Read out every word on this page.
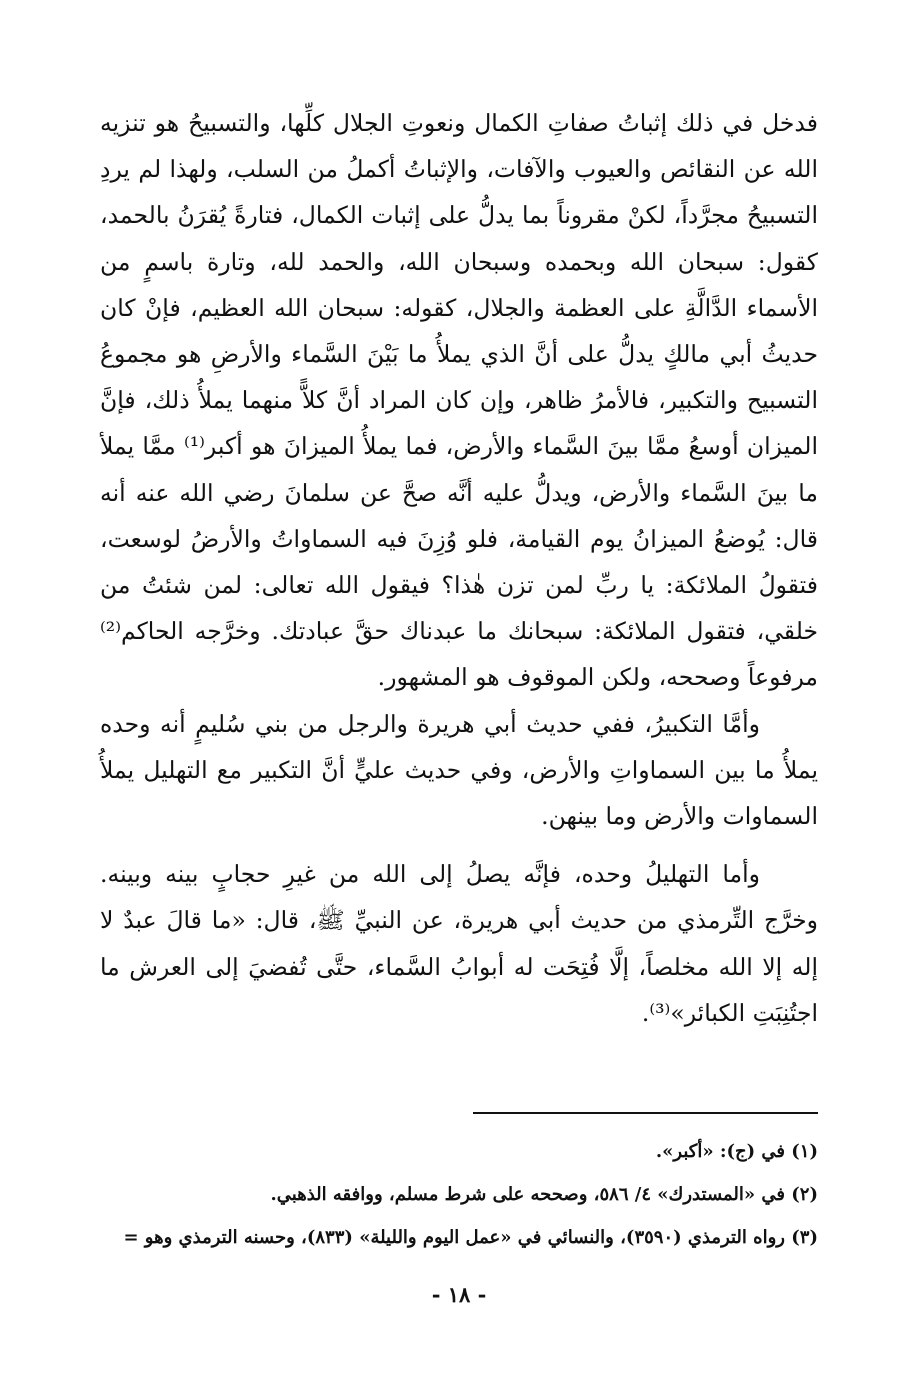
فدخل في ذلك إثباتُ صفاتِ الكمال ونعوتِ الجلال كلِّها، والتسبيحُ هو تنزيه الله عن النقائص والعيوب والآفات، والإثباتُ أكملُ من السلب، ولهذا لم يردِ التسبيحُ مجرَّداً، لكنْ مقروناً بما يدلُّ على إثبات الكمال، فتارةً يُقرَنُ بالحمد، كقول: سبحان الله وبحمده وسبحان الله، والحمد لله، وتارة باسمٍ من الأسماء الدَّالَّةِ على العظمة والجلال، كقوله: سبحان الله العظيم، فإنْ كان حديثُ أبي مالكٍ يدلُّ على أنَّ الذي يملأُ ما بَيْنَ السَّماء والأرضِ هو مجموعُ التسبيح والتكبير، فالأمرُ ظاهر، وإن كان المراد أنَّ كلاًّ منهما يملأُ ذلك، فإنَّ الميزان أوسعُ ممَّا بينَ السَّماء والأرض، فما يملأُ الميزانَ هو أكبر⁽¹⁾ ممَّا يملأ ما بينَ السَّماء والأرض، ويدلُّ عليه أنَّه صحَّ عن سلمانَ رضي الله عنه أنه قال: يُوضعُ الميزانُ يوم القيامة، فلو وُزِنَ فيه السماواتُ والأرضُ لوسعت، فتقولُ الملائكة: يا ربِّ لمن تزن هٰذا؟ فيقول الله تعالى: لمن شئتُ من خلقي، فتقول الملائكة: سبحانك ما عبدناك حقَّ عبادتك. وخرَّجه الحاكم⁽²⁾ مرفوعاً وصححه، ولكن الموقوف هو المشهور.

وأمَّا التكبيرُ، ففي حديث أبي هريرة والرجل من بني سُليمٍ أنه وحده يملأُ ما بين السماواتِ والأرض، وفي حديث عليٍّ أنَّ التكبير مع التهليل يملأُ السماوات والأرض وما بينهن.

وأما التهليلُ وحده، فإنَّه يصلُ إلى الله من غيرِ حجابٍ بينه وبينه. وخرَّج التِّرمذي من حديث أبي هريرة، عن النبيِّ ﷺ، قال: «ما قالَ عبدٌ لا إله إلا الله مخلصاً، إلَّا فُتِحَت له أبوابُ السَّماء، حتَّى تُفضيَ إلى العرش ما اجتُنِبَتِ الكبائر»⁽³⁾.

(١) في (ج): «أكبر».

(٢) في «المستدرك» ٤/ ٥٨٦، وصححه على شرط مسلم، ووافقه الذهبي.

(٣) رواه الترمذي (٣٥٩٠)، والنسائي في «عمل اليوم والليلة» (٨٣٣)، وحسنه الترمذي وهو =

- ١٨ -
